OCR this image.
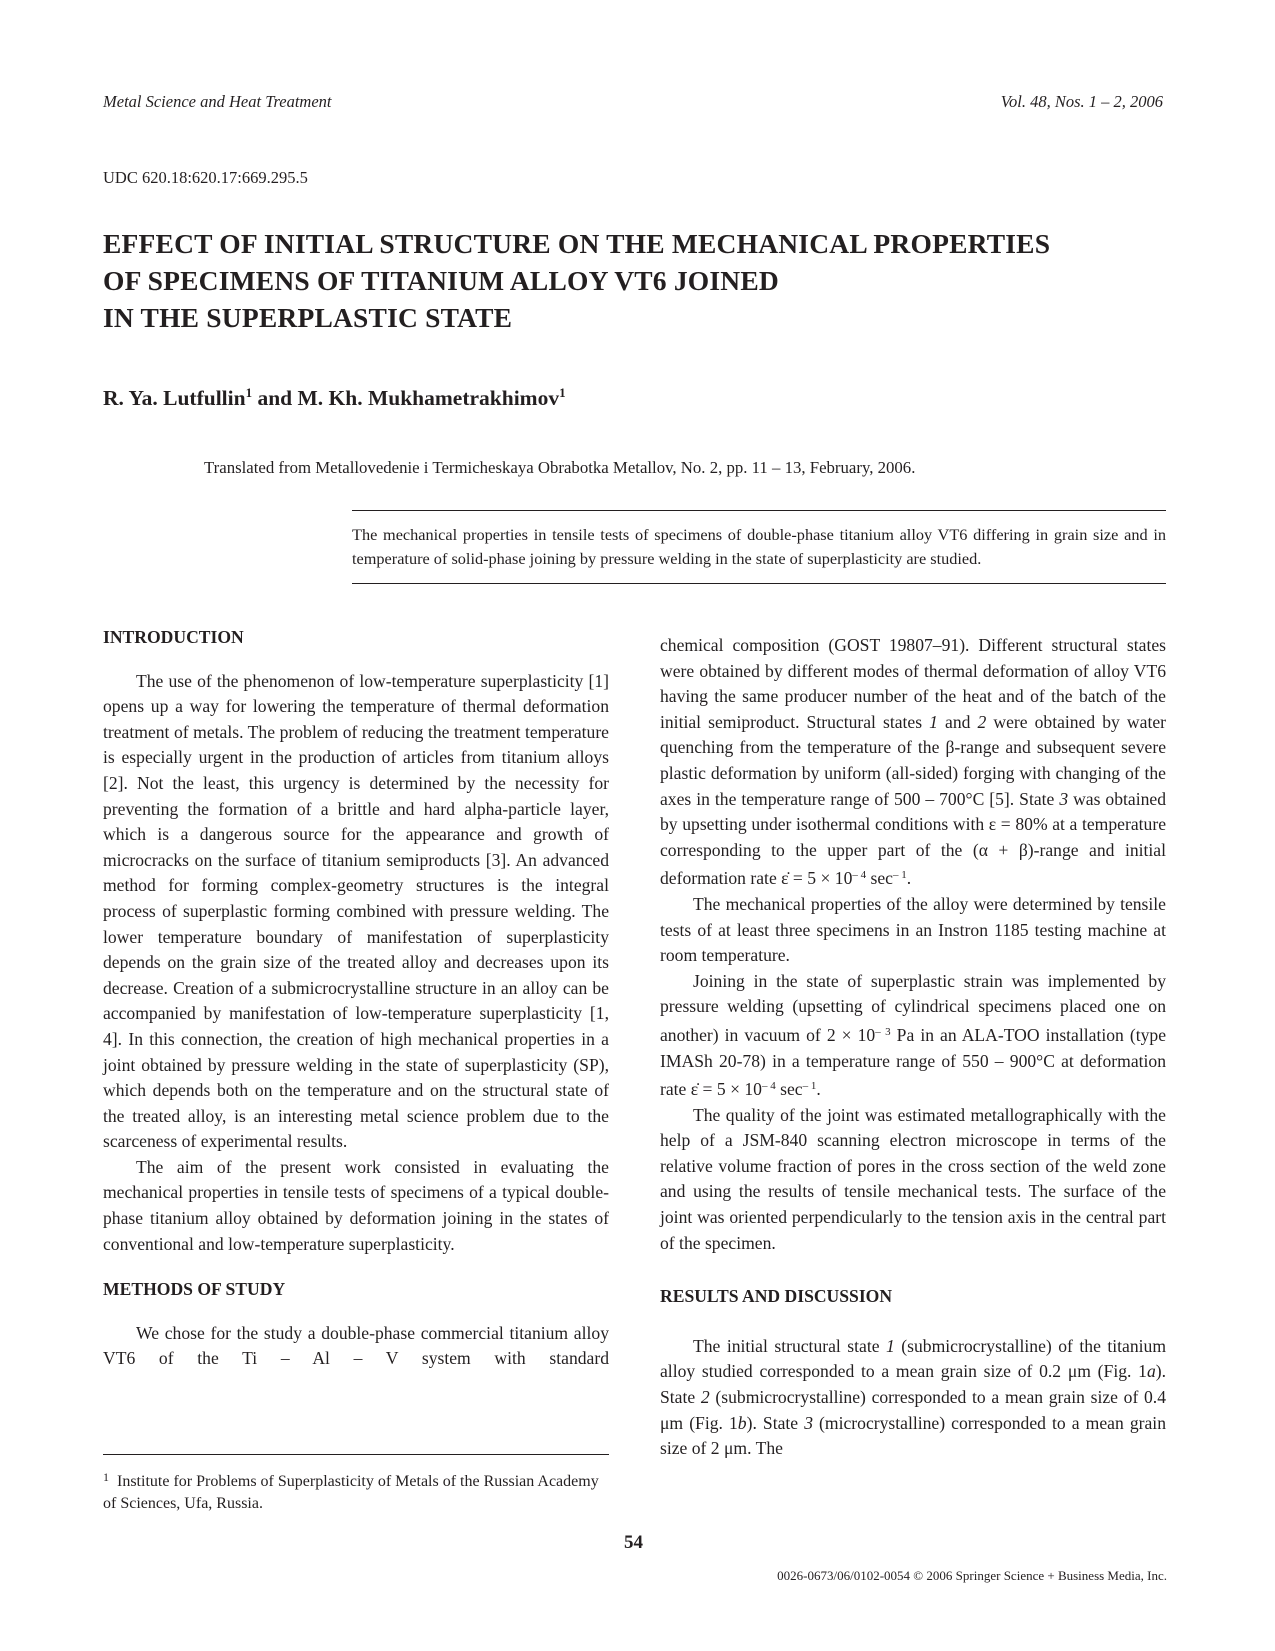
Metal Science and Heat Treatment	Vol. 48, Nos. 1 – 2, 2006
UDC 620.18:620.17:669.295.5
EFFECT OF INITIAL STRUCTURE ON THE MECHANICAL PROPERTIES
OF SPECIMENS OF TITANIUM ALLOY VT6 JOINED
IN THE SUPERPLASTIC STATE
R. Ya. Lutfullin$^1$ and M. Kh. Mukhametrakhimov$^1$
Translated from Metallovedenie i Termicheskaya Obrabotka Metallov, No. 2, pp. 11 – 13, February, 2006.
The mechanical properties in tensile tests of specimens of double-phase titanium alloy VT6 differing in grain size and in temperature of solid-phase joining by pressure welding in the state of superplasticity are studied.
INTRODUCTION

The use of the phenomenon of low-temperature superplasticity [1] opens up a way for lowering the temperature of thermal deformation treatment of metals. The problem of reducing the treatment temperature is especially urgent in the production of articles from titanium alloys [2]. Not the least, this urgency is determined by the necessity for preventing the formation of a brittle and hard alpha-particle layer, which is a dangerous source for the appearance and growth of microcracks on the surface of titanium semiproducts [3]. An advanced method for forming complex-geometry structures is the integral process of superplastic forming combined with pressure welding. The lower temperature boundary of manifestation of superplasticity depends on the grain size of the treated alloy and decreases upon its decrease. Creation of a submicrocrystalline structure in an alloy can be accompanied by manifestation of low-temperature superplasticity [1, 4]. In this connection, the creation of high mechanical properties in a joint obtained by pressure welding in the state of superplasticity (SP), which depends both on the temperature and on the structural state of the treated alloy, is an interesting metal science problem due to the scarceness of experimental results.

The aim of the present work consisted in evaluating the mechanical properties in tensile tests of specimens of a typical double-phase titanium alloy obtained by deformation joining in the states of conventional and low-temperature superplasticity.

METHODS OF STUDY

We chose for the study a double-phase commercial titanium alloy VT6 of the Ti – Al – V system with standard

chemical composition (GOST 19807–91). Different structural states were obtained by different modes of thermal deformation of alloy VT6 having the same producer number of the heat and of the batch of the initial semiproduct. Structural states 1 and 2 were obtained by water quenching from the temperature of the β-range and subsequent severe plastic deformation by uniform (all-sided) forging with changing of the axes in the temperature range of 500 – 700°C [5]. State 3 was obtained by upsetting under isothermal conditions with ε = 80% at a temperature corresponding to the upper part of the (α + β)-range and initial deformation rate ε̇ = $5 \times 10^{- 4}$ $\sec^{- 1}$.

The mechanical properties of the alloy were determined by tensile tests of at least three specimens in an Instron 1185 testing machine at room temperature.

Joining in the state of superplastic strain was implemented by pressure welding (upsetting of cylindrical specimens placed one on another) in vacuum of $2 \times 10^{- 3}$ Pa in an ALA-TOO installation (type IMASh 20-78) in a temperature range of 550 – 900°C at deformation rate ε̇ = $5 \times 10^{- 4}$ $\sec^{- 1}$.

The quality of the joint was estimated metallographically with the help of a JSM-840 scanning electron microscope in terms of the relative volume fraction of pores in the cross section of the weld zone and using the results of tensile mechanical tests. The surface of the joint was oriented perpendicularly to the tension axis in the central part of the specimen.

RESULTS AND DISCUSSION

The initial structural state 1 (submicrocrystalline) of the titanium alloy studied corresponded to a mean grain size of 0.2 μm (Fig. 1a). State 2 (submicrocrystalline) corresponded to a mean grain size of 0.4 μm (Fig. 1b). State 3 (microcrystalline) corresponded to a mean grain size of 2 μm. The

$^1$ Institute for Problems of Superplasticity of Metals of the Russian Academy of Sciences, Ufa, Russia.
54
0026-0673/06/0102-0054 © 2006 Springer Science + Business Media, Inc.
